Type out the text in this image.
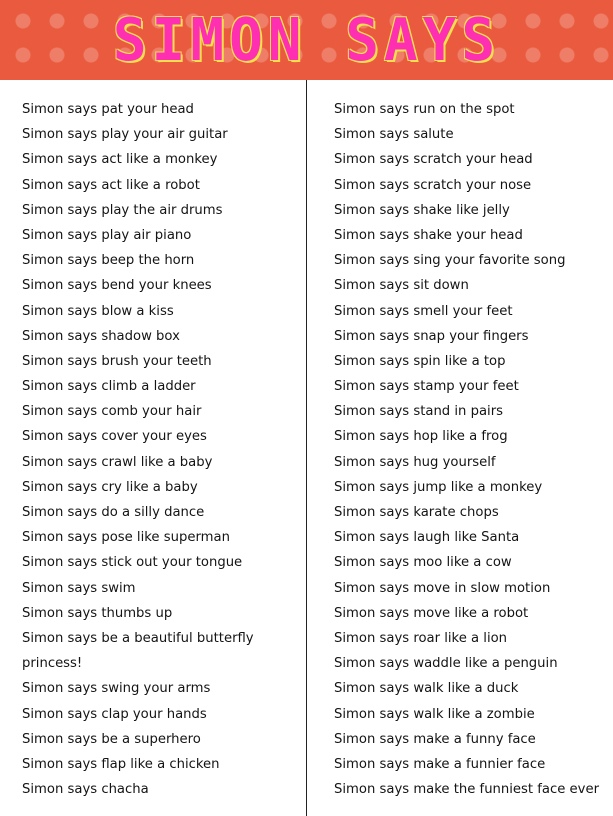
SIMON SAYS
Simon says pat your head
Simon says play your air guitar
Simon says act like a monkey
Simon says act like a robot
Simon says play the air drums
Simon says play air piano
Simon says beep the horn
Simon says bend your knees
Simon says blow a kiss
Simon says shadow box
Simon says brush your teeth
Simon says climb a ladder
Simon says comb your hair
Simon says cover your eyes
Simon says crawl like a baby
Simon says cry like a baby
Simon says do a silly dance
Simon says pose like superman
Simon says stick out your tongue
Simon says swim
Simon says thumbs up
Simon says be a beautiful butterfly
princess!
Simon says swing your arms
Simon says clap your hands
Simon says be a superhero
Simon says flap like a chicken
Simon says chacha
Simon says run on the spot
Simon says salute
Simon says scratch your head
Simon says scratch your nose
Simon says shake like jelly
Simon says shake your head
Simon says sing your favorite song
Simon says sit down
Simon says smell your feet
Simon says snap your fingers
Simon says spin like a top
Simon says stamp your feet
Simon says stand in pairs
Simon says hop like a frog
Simon says hug yourself
Simon says jump like a monkey
Simon says karate chops
Simon says laugh like Santa
Simon says moo like a cow
Simon says move in slow motion
Simon says move like a robot
Simon says roar like a lion
Simon says waddle like a penguin
Simon says walk like a duck
Simon says walk like a zombie
Simon says make a funny face
Simon says make a funnier face
Simon says make the funniest face ever
